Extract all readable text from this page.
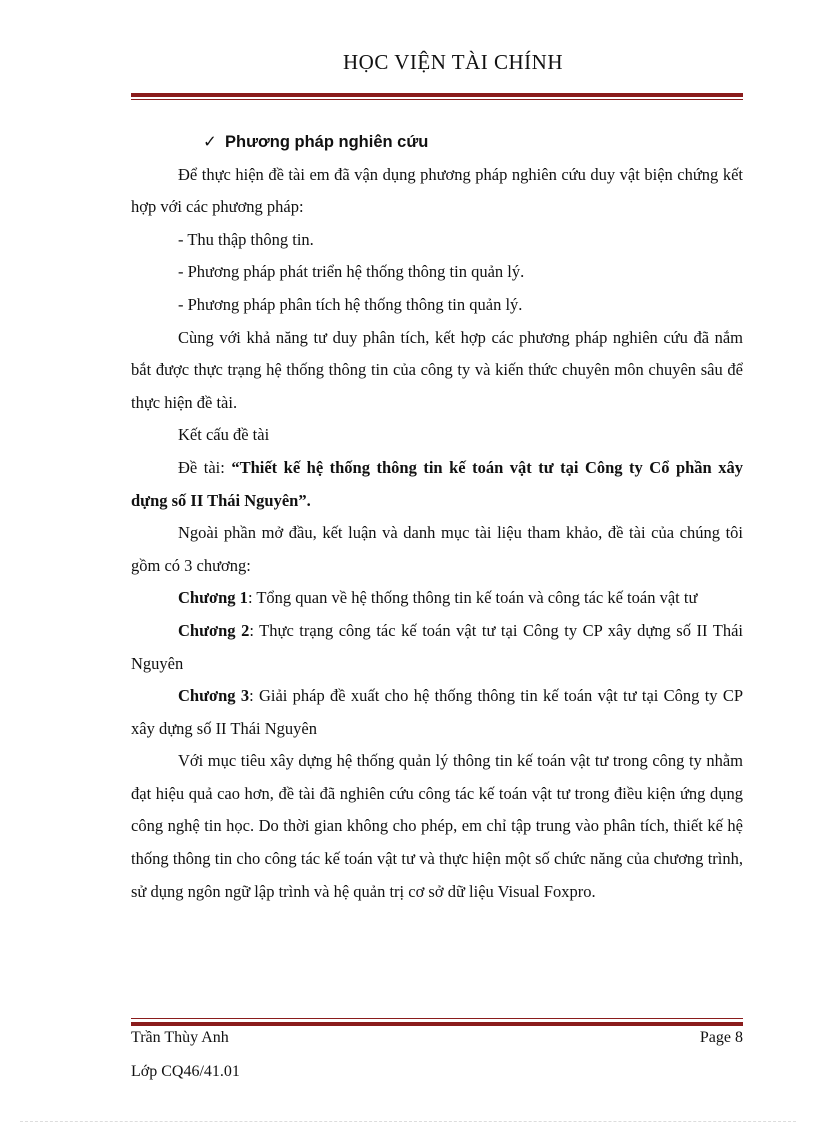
HỌC VIỆN TÀI CHÍNH
✓ Phương pháp nghiên cứu

Để thực hiện đề tài em đã vận dụng phương pháp nghiên cứu duy vật biện chứng kết hợp với các phương pháp:

- Thu thập thông tin.

- Phương pháp phát triển hệ thống thông tin quản lý.

- Phương pháp phân tích hệ thống thông tin quản lý.

Cùng với khả năng tư duy phân tích, kết hợp các phương pháp nghiên cứu đã nắm bắt được thực trạng hệ thống thông tin của công ty và kiến thức chuyên môn chuyên sâu để thực hiện đề tài.

Kết cấu đề tài

Đề tài: “Thiết kế hệ thống thông tin kế toán vật tư tại Công ty Cổ phần xây dựng số II Thái Nguyên”.

Ngoài phần mở đầu, kết luận và danh mục tài liệu tham khảo, đề tài của chúng tôi gồm có 3 chương:

Chương 1: Tổng quan về hệ thống thông tin kế toán và công tác kế toán vật tư

Chương 2: Thực trạng công tác kế toán vật tư tại Công ty CP xây dựng số II Thái Nguyên

Chương 3: Giải pháp đề xuất cho hệ thống thông tin kế toán vật tư tại Công ty CP xây dựng số II Thái Nguyên

Với mục tiêu xây dựng hệ thống quản lý thông tin kế toán vật tư trong công ty nhằm đạt hiệu quả cao hơn, đề tài đã nghiên cứu công tác kế toán vật tư trong điều kiện ứng dụng công nghệ tin học. Do thời gian không cho phép, em chỉ tập trung vào phân tích, thiết kế hệ thống thông tin cho công tác kế toán vật tư và thực hiện một số chức năng của chương trình, sử dụng ngôn ngữ lập trình và hệ quản trị cơ sở dữ liệu Visual Foxpro.

Trần Thùy Anh	Page 8
Lớp CQ46/41.01
